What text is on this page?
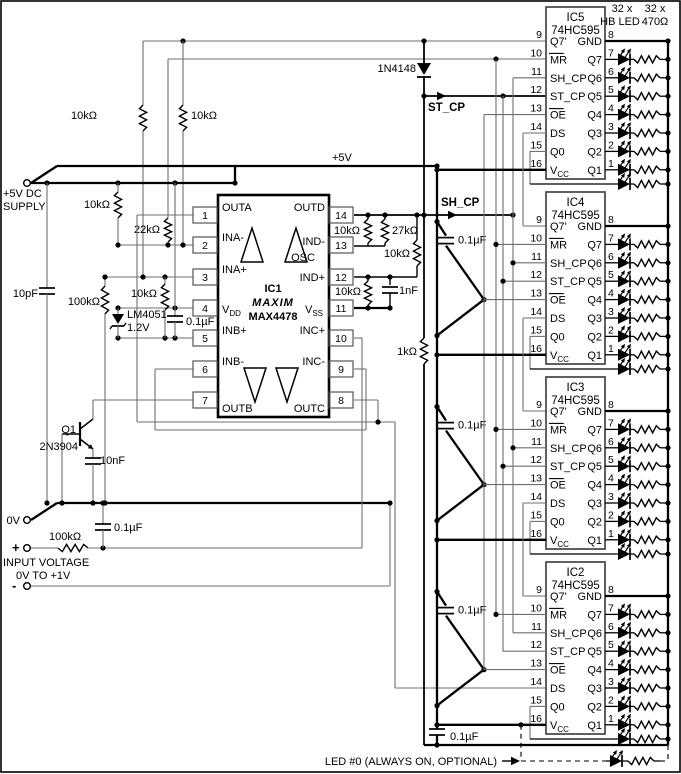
10kΩ	10kΩ
22kΩ
+5V DC
SUPPLY
+5V
10pF
100kΩ
10kΩ
10kΩ
LM4051
1.2V	0.1µF
Q1
2N3904
10nF
0V
0.1µF
100kΩ
+
INPUT VOLTAGE
0V TO +1V
-
1	14
2	13
3	12
4	11
5	10
6	9
7	8
OUTA	OUTD
INA-	IND-
OSC
INA+
IND+
$V_{DD}$	$V_{SS}$
INB+	INC+
INB-	INC-
OUTB	OUTC
IC1
MAXIM
MAX4478
SH_CP
10kΩ	27kΩ
10kΩ
10kΩ	1nF
1N4148
ST_CP
1kΩ
0.1µF
0.1µF
0.1µF
0.1µF
IC5
74HC595
Q7'
9
GND
8
MR
10
Q7
7
SH_CP
11
Q6
6
ST_CP
12
Q5
5
OE
13
Q4
4
DS
14
Q3
3
Q0
15
Q2
2
$V_{CC}$
16
Q1
1
IC4
74HC595
Q7'
9
GND
8
MR
10
Q7
7
SH_CP
11
Q6
6
ST_CP
12
Q5
5
OE
13
Q4
4
DS
14
Q3
3
Q0
15
Q2
2
$V_{CC}$
16
Q1
1
IC3
74HC595
Q7'
9
GND
8
MR
10
Q7
7
SH_CP
11
Q6
6
ST_CP
12
Q5
5
OE
13
Q4
4
DS
14
Q3
3
Q0
15
Q2
2
$V_{CC}$
16
Q1
1
IC2
74HC595
Q7'
9
GND
8
MR
10
Q7
7
SH_CP
11
Q6
6
ST_CP
12
Q5
5
OE
13
Q4
4
DS
14
Q3
3
Q0
15
Q2
2
$V_{CC}$
16
Q1
1
32 x 32 x
HB LED 470Ω
LED #0 (ALWAYS ON, OPTIONAL)
